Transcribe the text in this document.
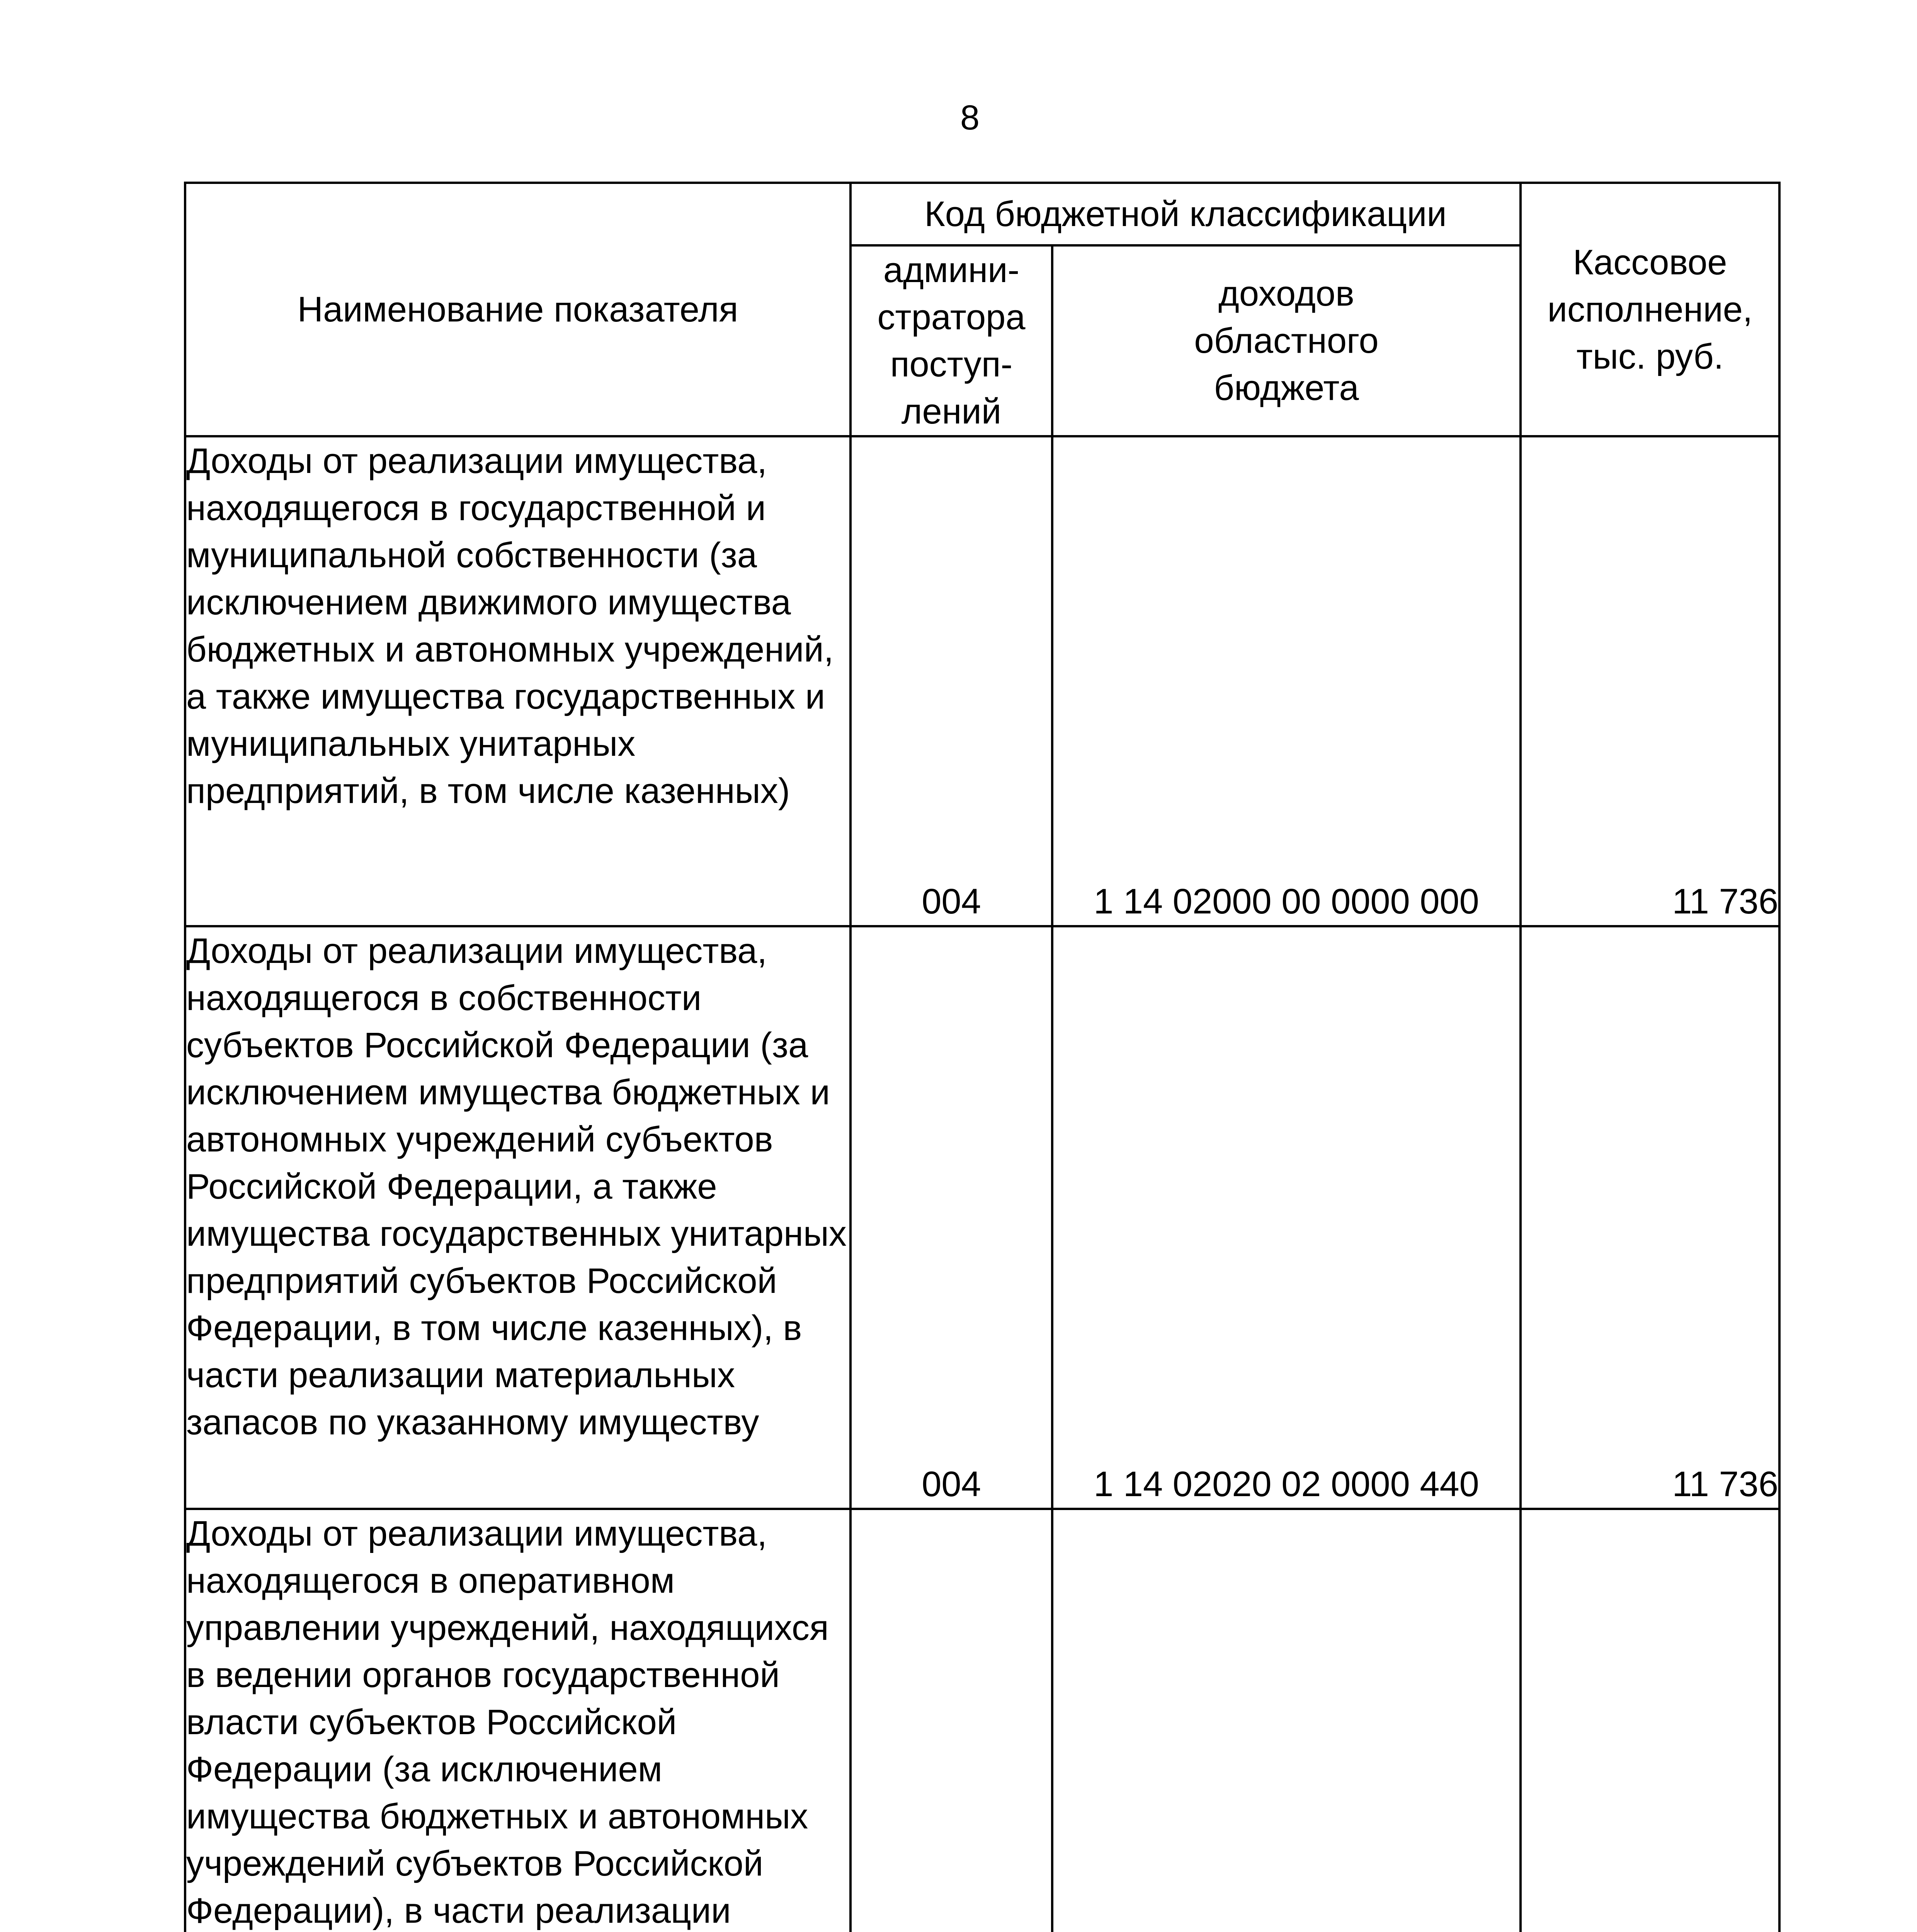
8
Наименование показателя	Код бюджетной классификации		Кассовое
исполнение,
тыс. руб.
	админи-
стратора
поступ-
лений	доходов
областного
бюджета	
Доходы от реализации имущества, находящегося в государственной и муниципальной собственности (за исключением движимого имущества бюджетных и автономных учреждений, а также имущества государственных и муниципальных унитарных предприятий, в том числе казенных)	004	1 14 02000 00 0000 000	11 736
Доходы от реализации имущества, находящегося в собственности субъектов Российской Федерации (за исключением имущества бюджетных и автономных учреждений субъектов Российской Федерации, а также имущества государственных унитарных предприятий субъектов Российской Федерации, в том числе казенных), в части реализации материальных запасов по указанному имуществу	004	1 14 02020 02 0000 440	11 736
Доходы от реализации имущества, находящегося в оперативном управлении учреждений, находящихся в ведении органов государственной власти субъектов Российской Федерации (за исключением имущества бюджетных и автономных учреждений субъектов Российской Федерации), в части реализации			
